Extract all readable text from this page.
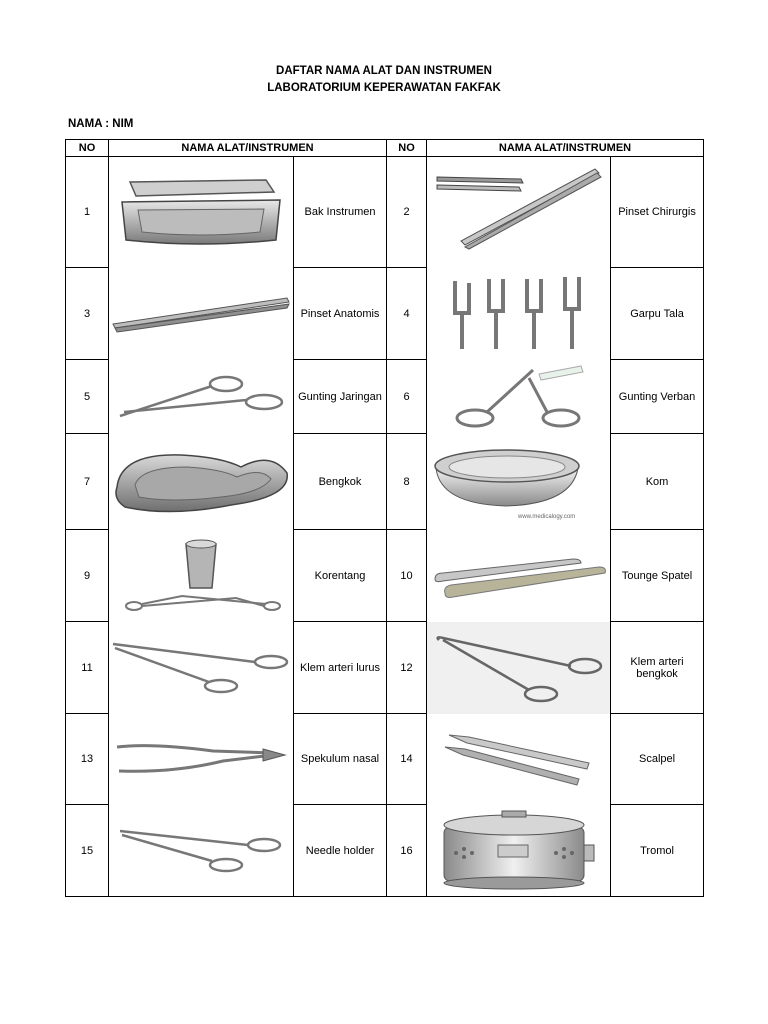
DAFTAR NAMA ALAT DAN INSTRUMEN
LABORATORIUM KEPERAWATAN FAKFAK
NAMA : NIM
NO	NAMA ALAT/INSTRUMEN		NO	NAMA ALAT/INSTRUMEN	
1		Bak Instrumen	2		Pinset Chirurgis
3		Pinset Anatomis	4		Garpu Tala
5		Gunting Jaringan	6		Gunting Verban
7		Bengkok	8	www.medicalogy.com	Kom
9		Korentang	10		Tounge Spatel
11		Klem arteri lurus	12		Klem arteri bengkok
13		Spekulum nasal	14		Scalpel
15		Needle holder	16		Tromol
